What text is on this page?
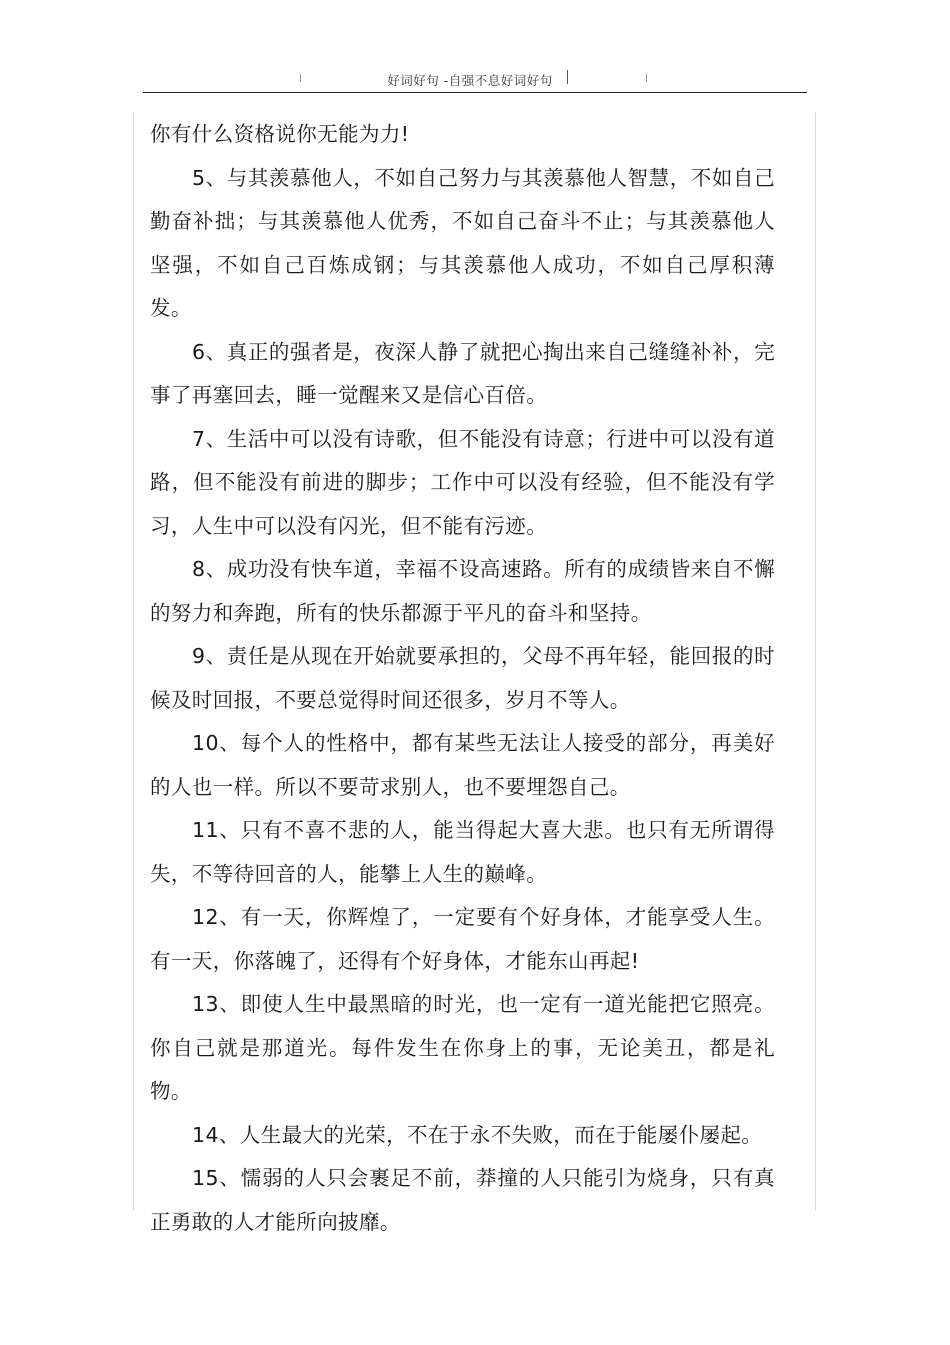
好词好句 -自强不息好词好句

你有什么资格说你无能为力!

5、与其羡慕他人，不如自己努力与其羡慕他人智慧，不如自己勤奋补拙；与其羡慕他人优秀，不如自己奋斗不止；与其羡慕他人坚强，不如自己百炼成钢；与其羡慕他人成功，不如自己厚积薄发。

6、真正的强者是，夜深人静了就把心掏出来自己缝缝补补，完事了再塞回去，睡一觉醒来又是信心百倍。

7、生活中可以没有诗歌，但不能没有诗意；行进中可以没有道路，但不能没有前进的脚步；工作中可以没有经验，但不能没有学习，人生中可以没有闪光，但不能有污迹。

8、成功没有快车道，幸福不设高速路。所有的成绩皆来自不懈的努力和奔跑，所有的快乐都源于平凡的奋斗和坚持。

9、责任是从现在开始就要承担的，父母不再年轻，能回报的时候及时回报，不要总觉得时间还很多，岁月不等人。

10、每个人的性格中，都有某些无法让人接受的部分，再美好的人也一样。所以不要苛求别人，也不要埋怨自己。

11、只有不喜不悲的人，能当得起大喜大悲。也只有无所谓得失，不等待回音的人，能攀上人生的巅峰。

12、有一天，你辉煌了，一定要有个好身体，才能享受人生。有一天，你落魄了，还得有个好身体，才能东山再起!

13、即使人生中最黑暗的时光，也一定有一道光能把它照亮。你自己就是那道光。每件发生在你身上的事，无论美丑，都是礼物。

14、人生最大的光荣，不在于永不失败，而在于能屡仆屡起。

15、懦弱的人只会裹足不前，莽撞的人只能引为烧身，只有真正勇敢的人才能所向披靡。
